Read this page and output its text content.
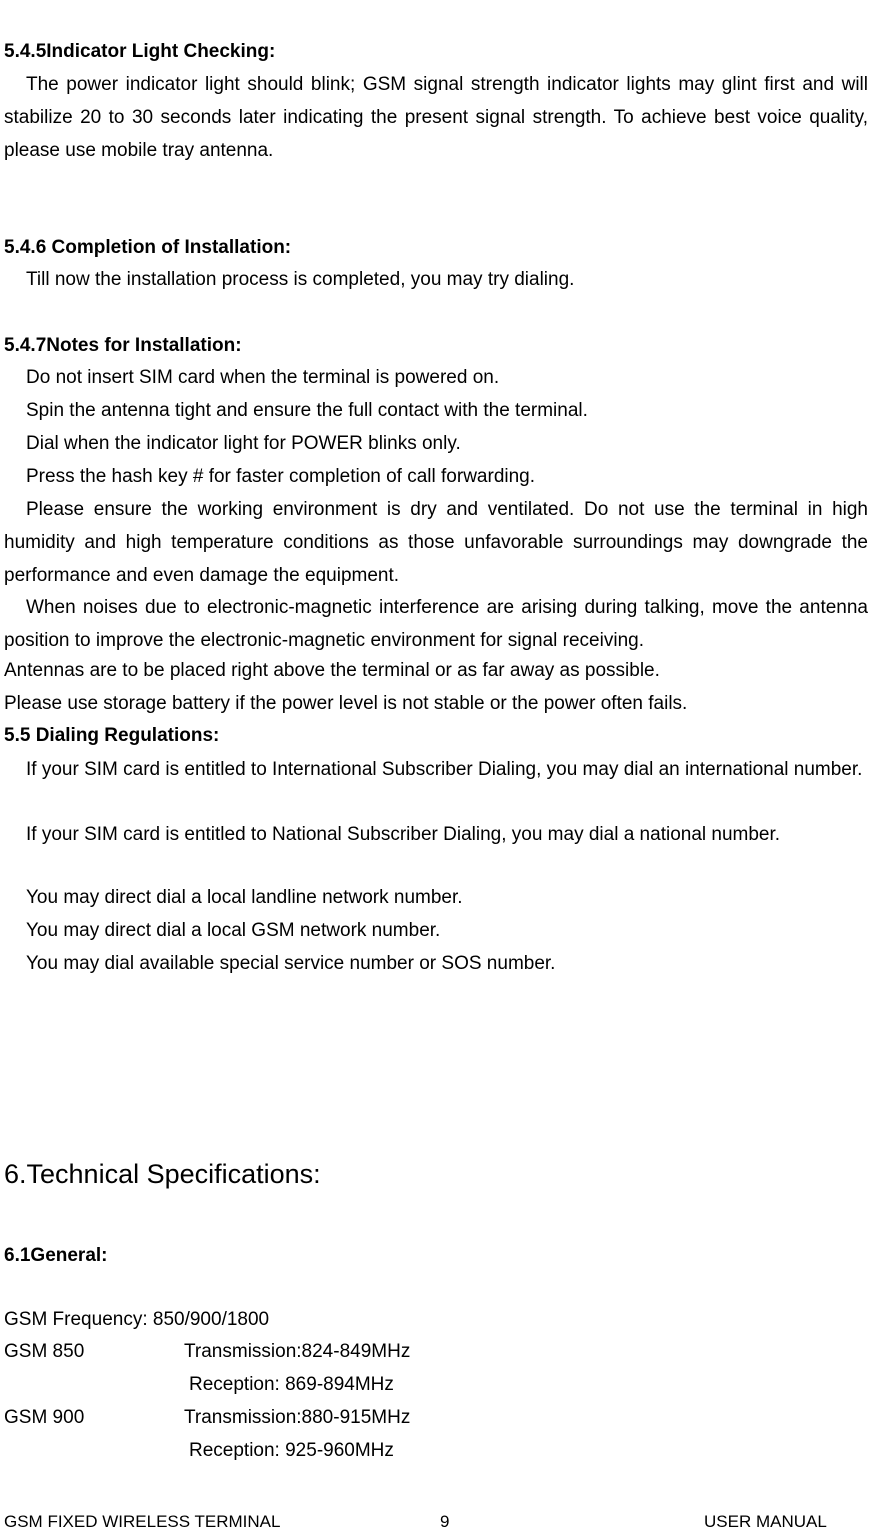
5.4.5Indicator Light Checking:
The power indicator light should blink; GSM signal strength indicator lights may glint first and will stabilize 20 to 30 seconds later indicating the present signal strength. To achieve best voice quality, please use mobile tray antenna.
5.4.6 Completion of Installation:
Till now the installation process is completed, you may try dialing.
5.4.7Notes for Installation:
Do not insert SIM card when the terminal is powered on.
Spin the antenna tight and ensure the full contact with the terminal.
Dial when the indicator light for POWER blinks only.
Press the hash key # for faster completion of call forwarding.
Please ensure the working environment is dry and ventilated. Do not use the terminal in high humidity and high temperature conditions as those unfavorable surroundings may downgrade the performance and even damage the equipment.
When noises due to electronic-magnetic interference are arising during talking, move the antenna position to improve the electronic-magnetic environment for signal receiving.
Antennas are to be placed right above the terminal or as far away as possible.
Please use storage battery if the power level is not stable or the power often fails.
5.5 Dialing Regulations:
If your SIM card is entitled to International Subscriber Dialing, you may dial an international number.
If your SIM card is entitled to National Subscriber Dialing, you may dial a national number.
You may direct dial a local landline network number.
You may direct dial a local GSM network number.
You may dial available special service number or SOS number.
6.Technical Specifications:
6.1General:
GSM Frequency: 850/900/1800
GSM 850	Transmission:824-849MHz
Reception: 869-894MHz
GSM 900	Transmission:880-915MHz
Reception: 925-960MHz
GSM FIXED WIRELESS TERMINAL	9	USER MANUAL
